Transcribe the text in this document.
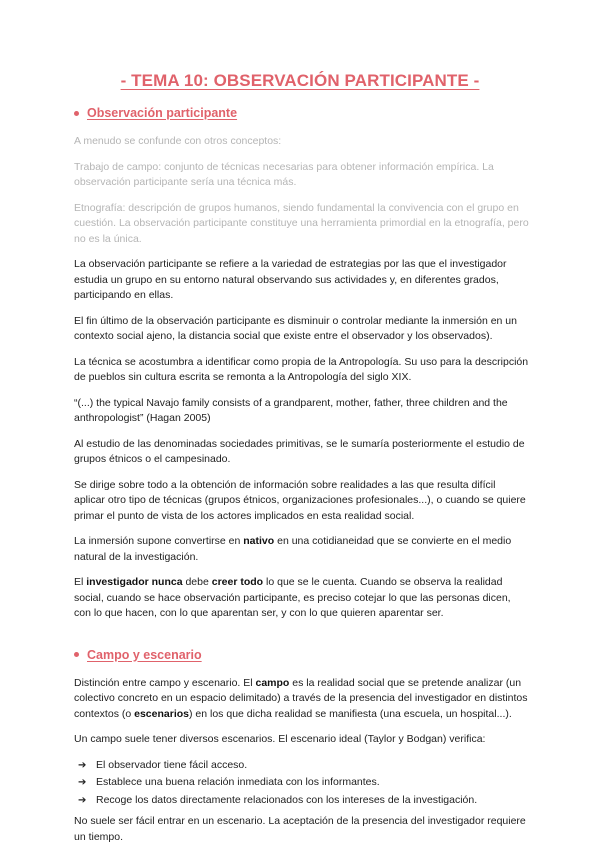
- TEMA 10: OBSERVACIÓN PARTICIPANTE -
Observación participante

A menudo se confunde con otros conceptos:

Trabajo de campo: conjunto de técnicas necesarias para obtener información empírica. La observación participante sería una técnica más.

Etnografía: descripción de grupos humanos, siendo fundamental la convivencia con el grupo en cuestión. La observación participante constituye una herramienta primordial en la etnografía, pero no es la única.

La observación participante se refiere a la variedad de estrategias por las que el investigador estudia un grupo en su entorno natural observando sus actividades y, en diferentes grados, participando en ellas.

El fin último de la observación participante es disminuir o controlar mediante la inmersión en un contexto social ajeno, la distancia social que existe entre el observador y los observados).

La técnica se acostumbra a identificar como propia de la Antropología. Su uso para la descripción de pueblos sin cultura escrita se remonta a la Antropología del siglo XIX.

“(...) the typical Navajo family consists of a grandparent, mother, father, three children and the anthropologist” (Hagan 2005)

Al estudio de las denominadas sociedades primitivas, se le sumaría posteriormente el estudio de grupos étnicos o el campesinado.

Se dirige sobre todo a la obtención de información sobre realidades a las que resulta difícil aplicar otro tipo de técnicas (grupos étnicos, organizaciones profesionales...), o cuando se quiere primar el punto de vista de los actores implicados en esta realidad social.

La inmersión supone convertirse en nativo en una cotidianeidad que se convierte en el medio natural de la investigación.

El investigador nunca debe creer todo lo que se le cuenta. Cuando se observa la realidad social, cuando se hace observación participante, es preciso cotejar lo que las personas dicen, con lo que hacen, con lo que aparentan ser, y con lo que quieren aparentar ser.

Campo y escenario

Distinción entre campo y escenario. El campo es la realidad social que se pretende analizar (un colectivo concreto en un espacio delimitado) a través de la presencia del investigador en distintos contextos (o escenarios) en los que dicha realidad se manifiesta (una escuela, un hospital...).

Un campo suele tener diversos escenarios. El escenario ideal (Taylor y Bodgan) verifica:

➔ El observador tiene fácil acceso.
➔ Establece una buena relación inmediata con los informantes.
➔ Recoge los datos directamente relacionados con los intereses de la investigación.

No suele ser fácil entrar en un escenario. La aceptación de la presencia del investigador requiere un tiempo.
